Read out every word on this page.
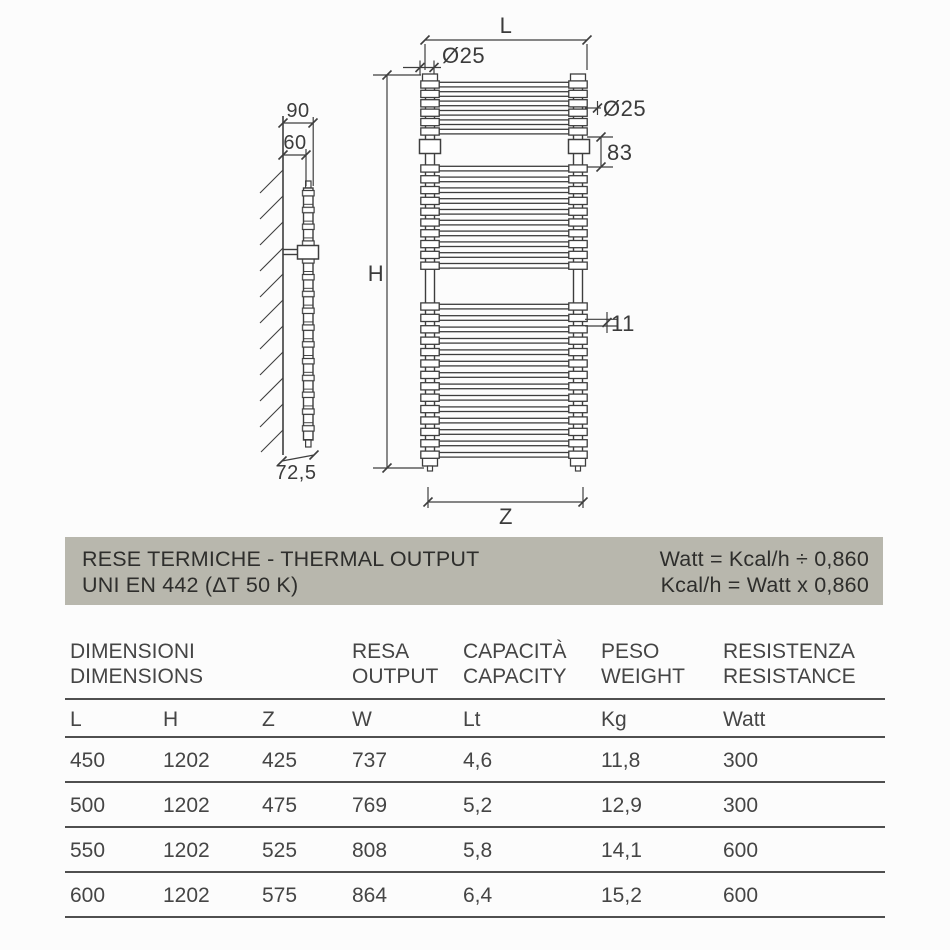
90
60
72,5
L
Ø25
Ø25
83
11
H
Z
RESE TERMICHE - THERMAL OUTPUT
UNI EN 442 (ΔT 50 K)
Watt = Kcal/h ÷ 0,860
Kcal/h = Watt x 0,860
DIMENSIONI
DIMENSIONS
RESA
OUTPUT
CAPACITÀ
CAPACITY
PESO
WEIGHT
RESISTENZA
RESISTANCE
L	H	Z	W	Lt	Kg	Watt
450	1202	425	737	4,6	11,8	300
500	1202	475	769	5,2	12,9	300
550	1202	525	808	5,8	14,1	600
600	1202	575	864	6,4	15,2	600
